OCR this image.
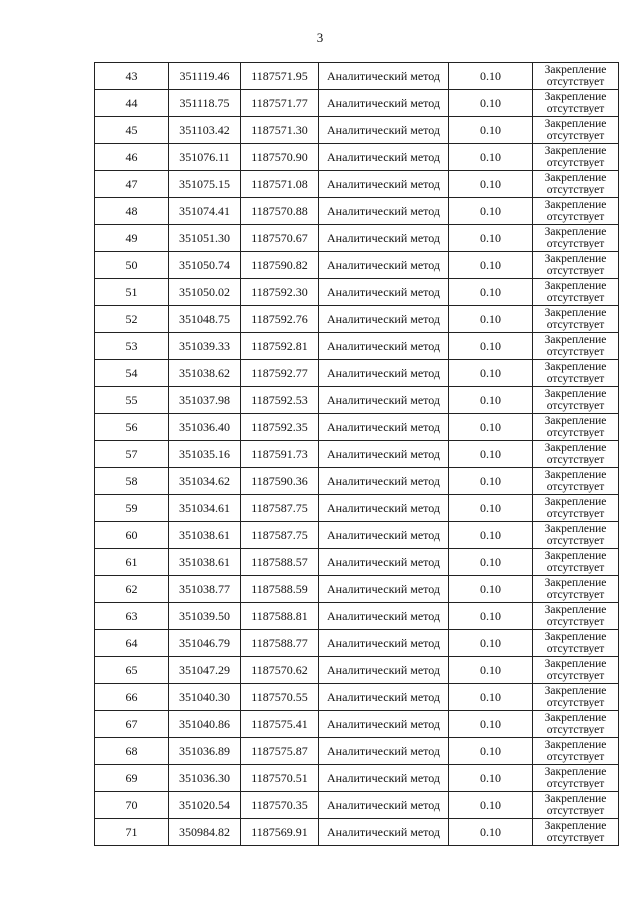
3
43	351119.46	1187571.95	Аналитический метод	0.10	Закрепление
отсутствует

44	351118.75	1187571.77	Аналитический метод	0.10	Закрепление
отсутствует

45	351103.42	1187571.30	Аналитический метод	0.10	Закрепление
отсутствует

46	351076.11	1187570.90	Аналитический метод	0.10	Закрепление
отсутствует

47	351075.15	1187571.08	Аналитический метод	0.10	Закрепление
отсутствует

48	351074.41	1187570.88	Аналитический метод	0.10	Закрепление
отсутствует

49	351051.30	1187570.67	Аналитический метод	0.10	Закрепление
отсутствует

50	351050.74	1187590.82	Аналитический метод	0.10	Закрепление
отсутствует

51	351050.02	1187592.30	Аналитический метод	0.10	Закрепление
отсутствует

52	351048.75	1187592.76	Аналитический метод	0.10	Закрепление
отсутствует

53	351039.33	1187592.81	Аналитический метод	0.10	Закрепление
отсутствует

54	351038.62	1187592.77	Аналитический метод	0.10	Закрепление
отсутствует

55	351037.98	1187592.53	Аналитический метод	0.10	Закрепление
отсутствует

56	351036.40	1187592.35	Аналитический метод	0.10	Закрепление
отсутствует

57	351035.16	1187591.73	Аналитический метод	0.10	Закрепление
отсутствует

58	351034.62	1187590.36	Аналитический метод	0.10	Закрепление
отсутствует

59	351034.61	1187587.75	Аналитический метод	0.10	Закрепление
отсутствует

60	351038.61	1187587.75	Аналитический метод	0.10	Закрепление
отсутствует

61	351038.61	1187588.57	Аналитический метод	0.10	Закрепление
отсутствует

62	351038.77	1187588.59	Аналитический метод	0.10	Закрепление
отсутствует

63	351039.50	1187588.81	Аналитический метод	0.10	Закрепление
отсутствует

64	351046.79	1187588.77	Аналитический метод	0.10	Закрепление
отсутствует

65	351047.29	1187570.62	Аналитический метод	0.10	Закрепление
отсутствует

66	351040.30	1187570.55	Аналитический метод	0.10	Закрепление
отсутствует

67	351040.86	1187575.41	Аналитический метод	0.10	Закрепление
отсутствует

68	351036.89	1187575.87	Аналитический метод	0.10	Закрепление
отсутствует

69	351036.30	1187570.51	Аналитический метод	0.10	Закрепление
отсутствует

70	351020.54	1187570.35	Аналитический метод	0.10	Закрепление
отсутствует

71	350984.82	1187569.91	Аналитический метод	0.10	Закрепление
отсутствует
